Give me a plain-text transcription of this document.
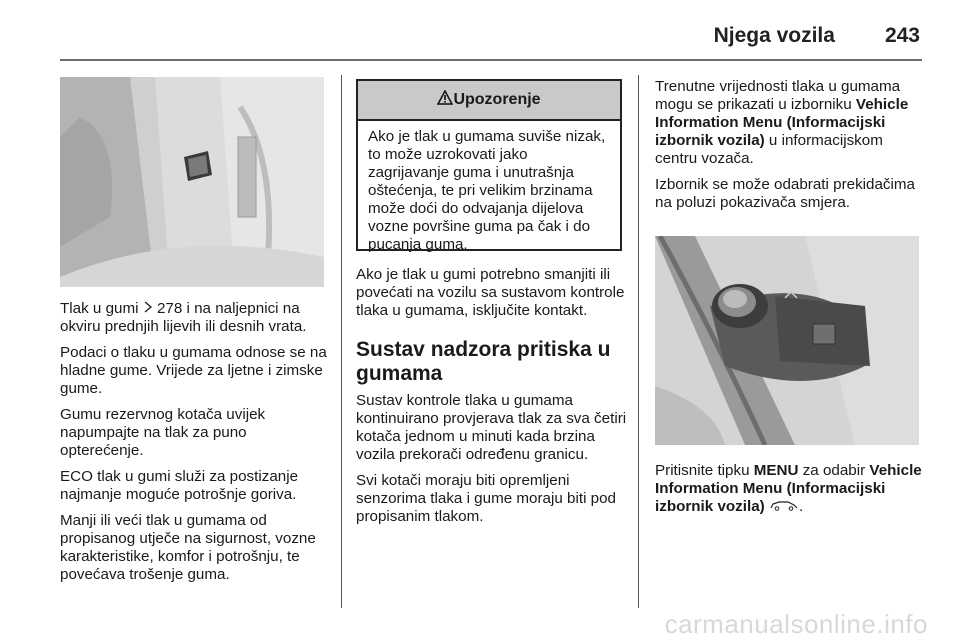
Njega vozila 243

Tlak u gumi  278 i na naljepnici na okviru prednjih lijevih ili desnih vrata.

Podaci o tlaku u gumama odnose se na hladne gume. Vrijede za ljetne i zimske gume.

Gumu rezervnog kotača uvijek napumpajte na tlak za puno opterećenje.

ECO tlak u gumi služi za postizanje najmanje moguće potrošnje goriva.

Manji ili veći tlak u gumama od propisanog utječe na sigurnost, vozne karakteristike, komfor i potrošnju, te povećava trošenje guma.

Upozorenje
Ako je tlak u gumama suviše nizak, to može uzrokovati jako zagrijavanje guma i unutrašnja oštećenja, te pri velikim brzinama može doći do odvajanja dijelova vozne površine guma pa čak i do pucanja guma.

Ako je tlak u gumi potrebno smanjiti ili povećati na vozilu sa sustavom kontrole tlaka u gumama, isključite kontakt.

Sustav nadzora pritiska u gumama

Sustav kontrole tlaka u gumama kontinuirano provjerava tlak za sva četiri kotača jednom u minuti kada brzina vozila prekorači određenu granicu.

Svi kotači moraju biti opremljeni senzorima tlaka i gume moraju biti pod propisanim tlakom.

Trenutne vrijednosti tlaka u gumama mogu se prikazati u izborniku Vehicle Information Menu (Informacijski izbornik vozila) u informacijskom centru vozača.

Izbornik se može odabrati prekidačima na poluzi pokazivača smjera.

Pritisnite tipku MENU za odabir Vehicle Information Menu (Informacijski izbornik vozila) .

carmanualsonline.info
